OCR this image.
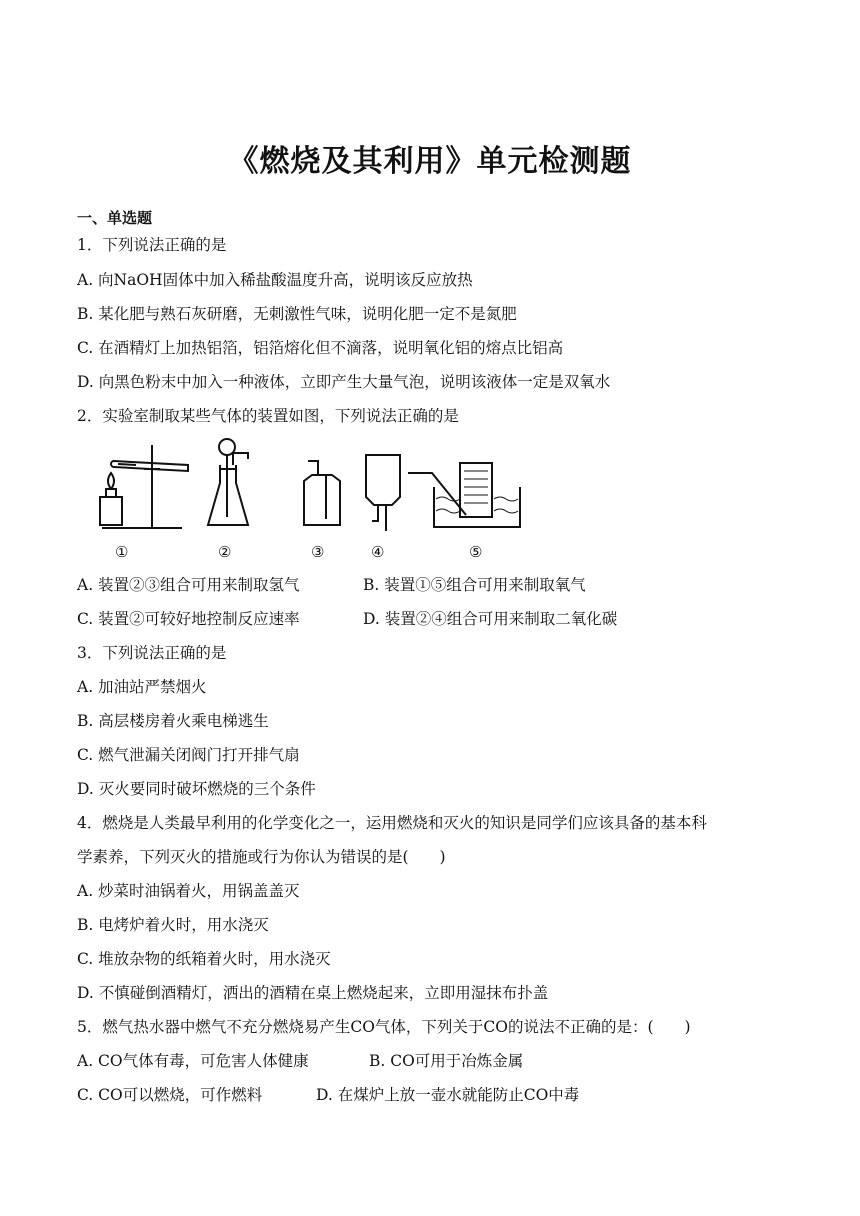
《燃烧及其利用》单元检测题
一、单选题
1．下列说法正确的是
A. 向NaOH固体中加入稀盐酸温度升高，说明该反应放热
B. 某化肥与熟石灰研磨，无刺激性气味，说明化肥一定不是氮肥
C. 在酒精灯上加热铝箔，铝箔熔化但不滴落，说明氧化铝的熔点比铝高
D. 向黑色粉末中加入一种液体，立即产生大量气泡，说明该液体一定是双氧水
2．实验室制取某些气体的装置如图，下列说法正确的是
①	②	③	④	⑤
A. 装置②③组合可用来制取氢气	B. 装置①⑤组合可用来制取氧气
C. 装置②可较好地控制反应速率	D. 装置②④组合可用来制取二氧化碳
3．下列说法正确的是
A. 加油站严禁烟火
B. 高层楼房着火乘电梯逃生
C. 燃气泄漏关闭阀门打开排气扇
D. 灭火要同时破坏燃烧的三个条件
4．燃烧是人类最早利用的化学变化之一，运用燃烧和灭火的知识是同学们应该具备的基本科
学素养，下列灭火的措施或行为你认为错误的是(　　)
A. 炒菜时油锅着火，用锅盖盖灭
B. 电烤炉着火时，用水浇灭
C. 堆放杂物的纸箱着火时，用水浇灭
D. 不慎碰倒酒精灯，洒出的酒精在桌上燃烧起来，立即用湿抹布扑盖
5．燃气热水器中燃气不充分燃烧易产生CO气体，下列关于CO的说法不正确的是：(　　)
A. CO气体有毒，可危害人体健康	B. CO可用于冶炼金属
C. CO可以燃烧，可作燃料	D. 在煤炉上放一壶水就能防止CO中毒
